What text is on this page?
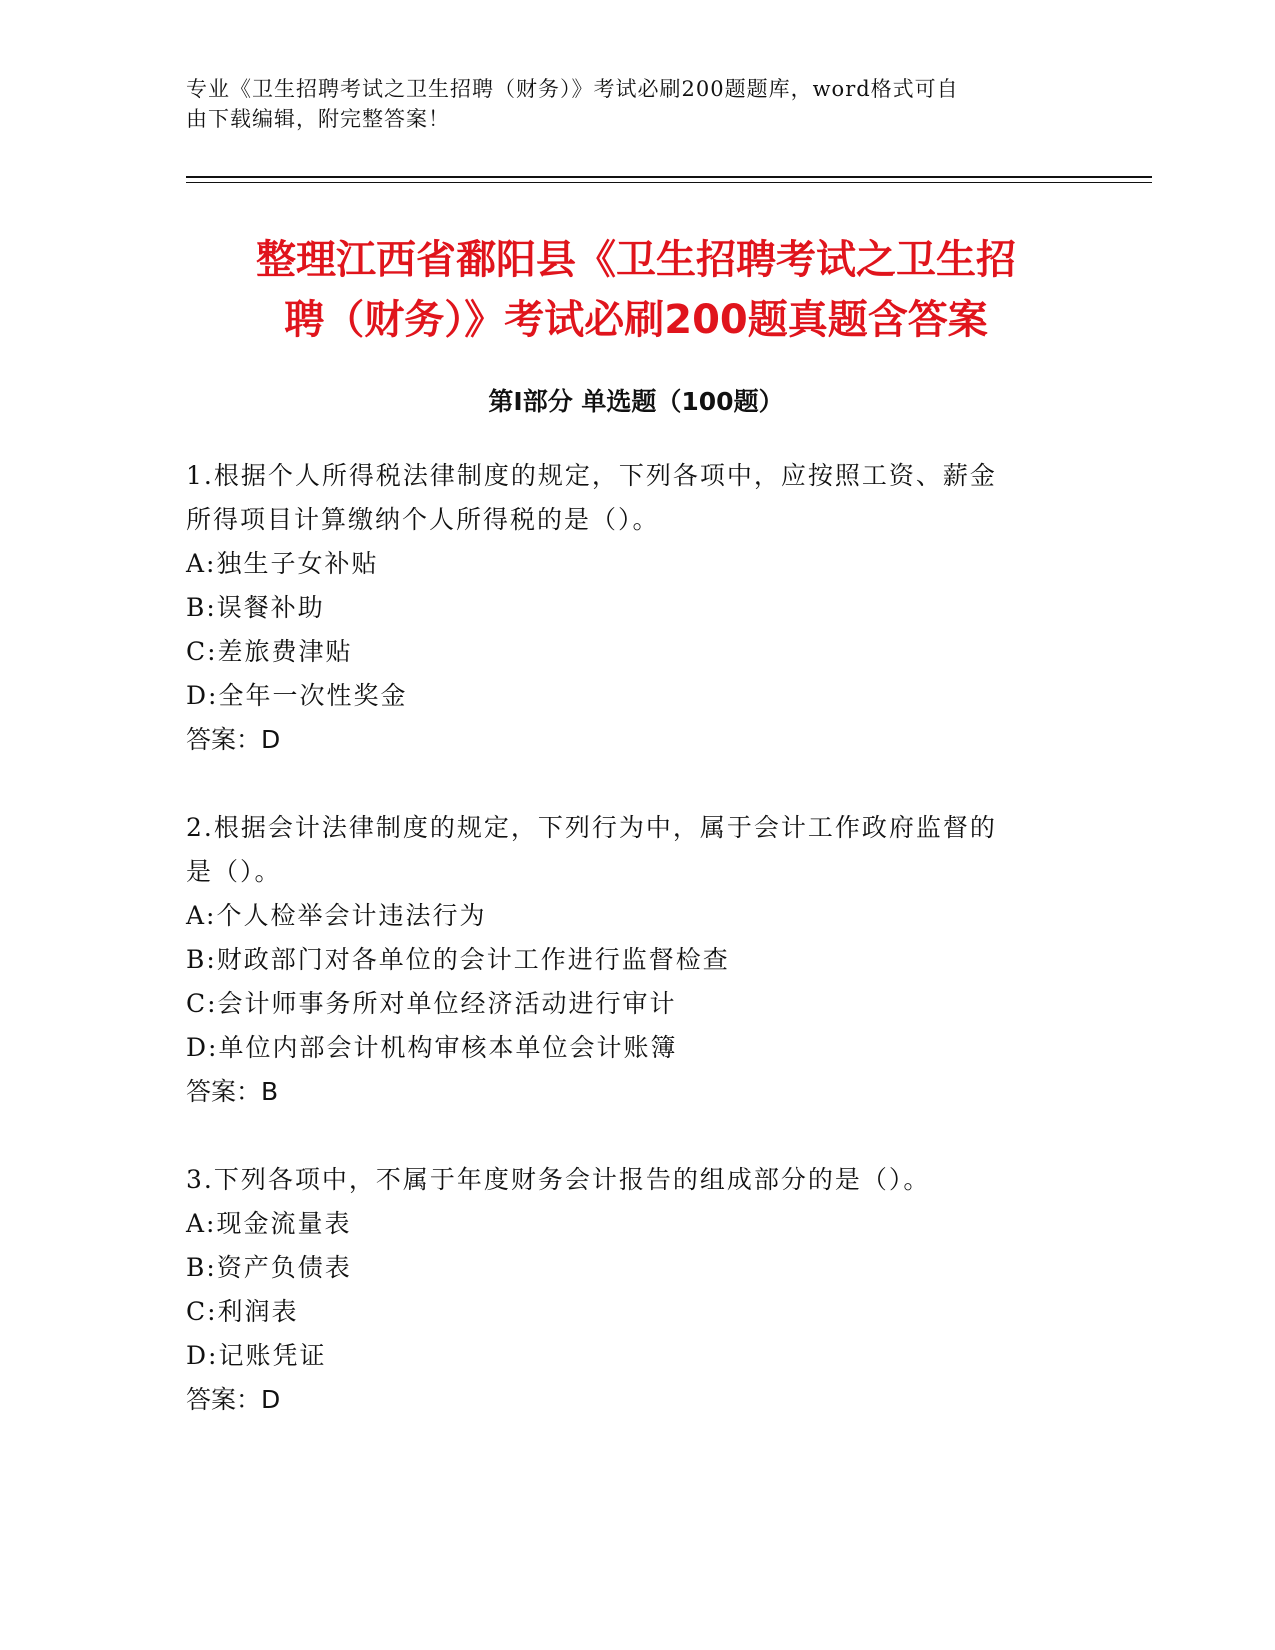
专业《卫生招聘考试之卫生招聘（财务）》考试必刷200题题库，word格式可自
由下载编辑，附完整答案！
整理江西省鄱阳县《卫生招聘考试之卫生招
聘（财务）》考试必刷200题真题含答案
第I部分 单选题（100题）
1.根据个人所得税法律制度的规定，下列各项中，应按照工资、薪金
所得项目计算缴纳个人所得税的是（）。
A:独生子女补贴
B:误餐补助
C:差旅费津贴
D:全年一次性奖金
答案：D
2.根据会计法律制度的规定，下列行为中，属于会计工作政府监督的
是（）。
A:个人检举会计违法行为
B:财政部门对各单位的会计工作进行监督检查
C:会计师事务所对单位经济活动进行审计
D:单位内部会计机构审核本单位会计账簿
答案：B
3.下列各项中，不属于年度财务会计报告的组成部分的是（）。
A:现金流量表
B:资产负债表
C:利润表
D:记账凭证
答案：D
